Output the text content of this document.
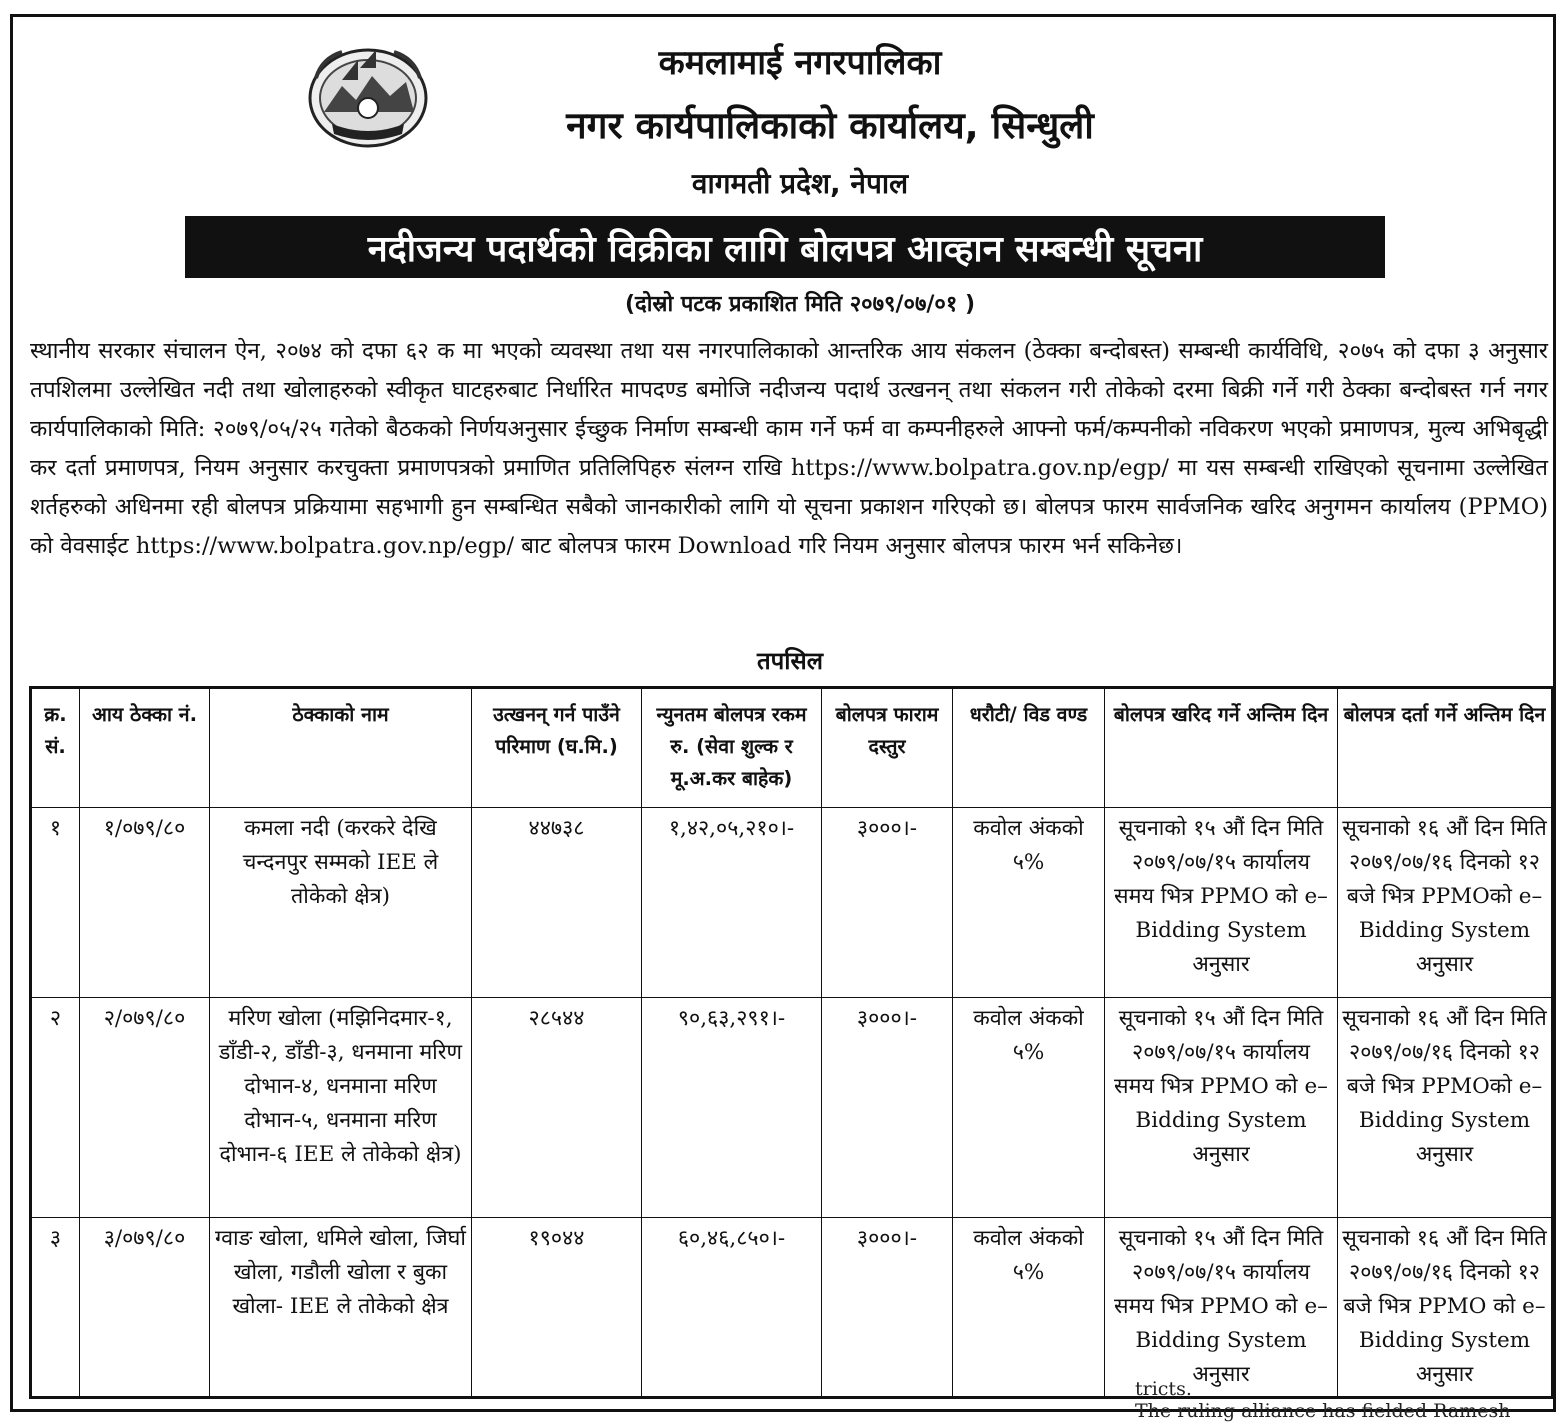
कमलामाई नगरपालिका
नगर कार्यपालिकाको कार्यालय, सिन्धुली
वागमती प्रदेश, नेपाल
नदीजन्य पदार्थको विक्रीका लागि बोलपत्र आव्हान सम्बन्धी सूचना
(दोस्रो पटक प्रकाशित मिति २०७९/०७/०१ )
स्थानीय सरकार संचालन ऐन, २०७४ को दफा ६२ क मा भएको व्यवस्था तथा यस नगरपालिकाको आन्तरिक आय संकलन (ठेक्का बन्दोबस्त) सम्बन्धी कार्यविधि, २०७५ को दफा ३ अनुसार तपशिलमा उल्लेखित नदी तथा खोलाहरुको स्वीकृत घाटहरुबाट निर्धारित मापदण्ड बमोजि नदीजन्य पदार्थ उत्खनन् तथा संकलन गरी तोकेको दरमा बिक्री गर्ने गरी ठेक्का बन्दोबस्त गर्न नगर कार्यपालिकाको मिति: २०७९/०५/२५ गतेको बैठकको निर्णयअनुसार ईच्छुक निर्माण सम्बन्धी काम गर्ने फर्म वा कम्पनीहरुले आफ्नो फर्म/कम्पनीको नविकरण भएको प्रमाणपत्र, मुल्य अभिबृद्धी कर दर्ता प्रमाणपत्र, नियम अनुसार करचुक्ता प्रमाणपत्रको प्रमाणित प्रतिलिपिहरु संलग्न राखि https://www.bolpatra.gov.np/egp/ मा यस सम्बन्धी राखिएको सूचनामा उल्लेखित शर्तहरुको अधिनमा रही बोलपत्र प्रक्रियामा सहभागी हुन सम्बन्धित सबैको जानकारीको लागि यो सूचना प्रकाशन गरिएको छ। बोलपत्र फारम सार्वजनिक खरिद अनुगमन कार्यालय (PPMO) को वेवसाईट https://www.bolpatra.gov.np/egp/ बाट बोलपत्र फारम Download गरि नियम अनुसार बोलपत्र फारम भर्न सकिनेछ।
तपसिल
क्र. सं.	आय ठेक्का नं.	ठेक्काको नाम	उत्खनन् गर्न पाउँने परिमाण (घ.मि.)	न्युनतम बोलपत्र रकम रु. (सेवा शुल्क र मू.अ.कर बाहेक)	बोलपत्र फाराम दस्तुर	धरौटी/ विड वण्ड	बोलपत्र खरिद गर्ने अन्तिम दिन	बोलपत्र दर्ता गर्ने अन्तिम दिन
१	१/०७९/८०	कमला नदी (करकरे देखि चन्दनपुर सम्मको IEE ले तोकेको क्षेत्र)	४४७३८	१,४२,०५,२१०।-	३०००।-	कवोल अंकको ५%	सूचनाको १५ औं दिन मिति २०७९/०७/१५ कार्यालय समय भित्र PPMO को e–Bidding System अनुसार	सूचनाको १६ औं दिन मिति २०७९/०७/१६ दिनको १२ बजे भित्र PPMOको e–Bidding System अनुसार
२	२/०७९/८०	मरिण खोला (मझिनिदमार-१, डाँडी-२, डाँडी-३, धनमाना मरिण दोभान-४, धनमाना मरिण दोभान-५, धनमाना मरिण दोभान-६ IEE ले तोकेको क्षेत्र)	२८५४४	९०,६३,२९१।-	३०००।-	कवोल अंकको ५%	सूचनाको १५ औं दिन मिति २०७९/०७/१५ कार्यालय समय भित्र PPMO को e–Bidding System अनुसार	सूचनाको १६ औं दिन मिति २०७९/०७/१६ दिनको १२ बजे भित्र PPMOको e–Bidding System अनुसार
३	३/०७९/८०	ग्वाङ खोला, धमिले खोला, जिर्घा खोला, गडौली खोला र बुका खोला- IEE ले तोकेको क्षेत्र	१९०४४	६०,४६,८५०।-	३०००।-	कवोल अंकको ५%	सूचनाको १५ औं दिन मिति २०७९/०७/१५ कार्यालय समय भित्र PPMO को e–Bidding System अनुसार	सूचनाको १६ औं दिन मिति २०७९/०७/१६ दिनको १२ बजे भित्र PPMO को e–Bidding System अनुसार
tricts.
The ruling alliance has fielded Ramesh
